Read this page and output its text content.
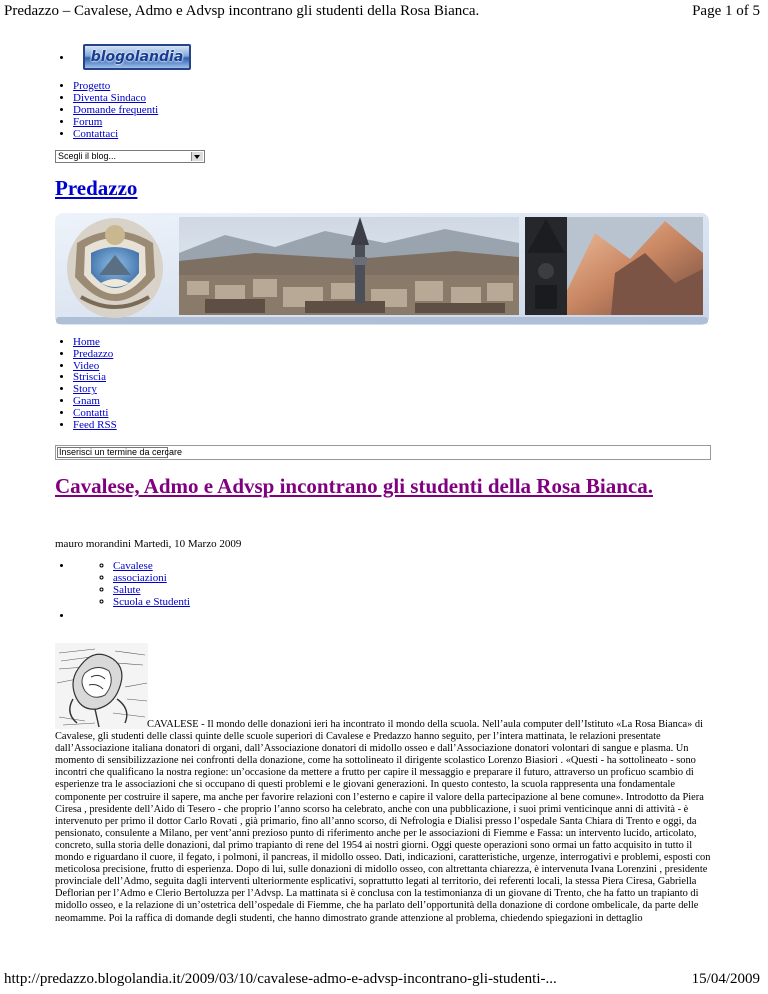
Predazzo – Cavalese, Admo e Advsp incontrano gli studenti della Rosa Bianca.	Page 1 of 5
• blogolandia
• Progetto
• Diventa Sindaco
• Domande frequenti
• Forum
• Contattaci
Scegli il blog...
Predazzo
• Home
• Predazzo
• Video
• Striscia
• Story
• Gnam
• Contatti
• Feed RSS
Inserisci un termine da cercare
Cavalese, Admo e Advsp incontrano gli studenti della Rosa Bianca.
mauro morandini Martedì, 10 Marzo 2009
◦ • Cavalese
◦ associazioni
◦ Salute
◦ Scuola e Studenti
•

CAVALESE - Il mondo delle donazioni ieri ha incontrato il mondo della scuola. Nell’aula computer dell’Istituto «La Rosa Bianca» di Cavalese, gli studenti delle classi quinte delle scuole superiori di Cavalese e Predazzo hanno seguito, per l’intera mattinata, le relazioni presentate dall’Associazione italiana donatori di organi, dall’Associazione donatori di midollo osseo e dall’Associazione donatori volontari di sangue e plasma. Un momento di sensibilizzazione nei confronti della donazione, come ha sottolineato il dirigente scolastico Lorenzo Biasiori . «Questi - ha sottolineato - sono incontri che qualificano la nostra regione: un’occasione da mettere a frutto per capire il messaggio e preparare il futuro, attraverso un proficuo scambio di esperienze tra le associazioni che si occupano di questi problemi e le giovani generazioni. In questo contesto, la scuola rappresenta una fondamentale componente per costruire il sapere, ma anche per favorire relazioni con l’esterno e capire il valore della partecipazione al bene comune». Introdotto da Piera Ciresa , presidente dell’Aido di Tesero - che proprio l’anno scorso ha celebrato, anche con una pubblicazione, i suoi primi venticinque anni di attività - è intervenuto per primo il dottor Carlo Rovati , già primario, fino all’anno scorso, di Nefrologia e Dialisi presso l’ospedale Santa Chiara di Trento e oggi, da pensionato, consulente a Milano, per vent’anni prezioso punto di riferimento anche per le associazioni di Fiemme e Fassa: un intervento lucido, articolato, concreto, sulla storia delle donazioni, dal primo trapianto di rene del 1954 ai nostri giorni. Oggi queste operazioni sono ormai un fatto acquisito in tutto il mondo e riguardano il cuore, il fegato, i polmoni, il pancreas, il midollo osseo. Dati, indicazioni, caratteristiche, urgenze, interrogativi e problemi, esposti con meticolosa precisione, frutto di esperienza. Dopo di lui, sulle donazioni di midollo osseo, con altrettanta chiarezza, è intervenuta Ivana Lorenzini , presidente provinciale dell’Admo, seguita dagli interventi ulteriormente esplicativi, soprattutto legati al territorio, dei referenti locali, la stessa Piera Ciresa, Gabriella Deflorian per l’Admo e Clerio Bertoluzza per l’Advsp. La mattinata si è conclusa con la testimonianza di un giovane di Trento, che ha fatto un trapianto di midollo osseo, e la relazione di un’ostetrica dell’ospedale di Fiemme, che ha parlato dell’opportunità della donazione di cordone ombelicale, da parte delle neomamme. Poi la raffica di domande degli studenti, che hanno dimostrato grande attenzione al problema, chiedendo spiegazioni in dettaglio

http://predazzo.blogolandia.it/2009/03/10/cavalese-admo-e-advsp-incontrano-gli-studenti-...	15/04/2009
